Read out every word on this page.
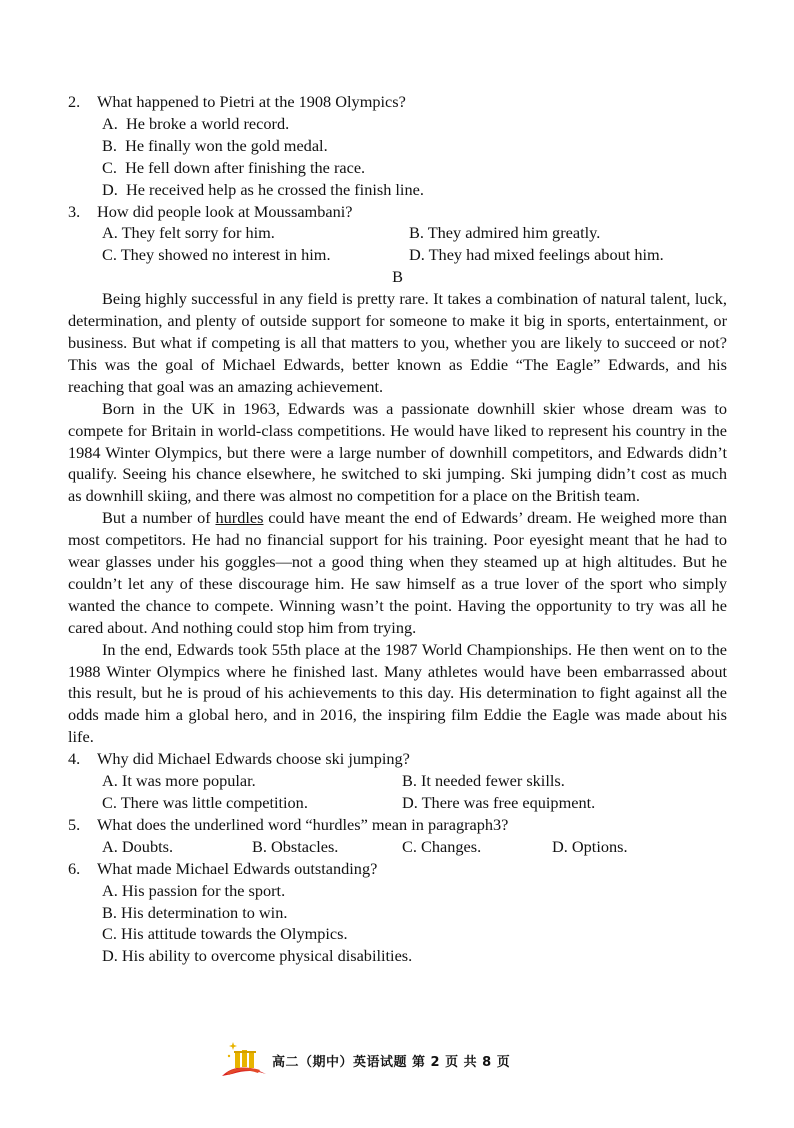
2. What happened to Pietri at the 1908 Olympics?
A. He broke a world record.
B. He finally won the gold medal.
C. He fell down after finishing the race.
D. He received help as he crossed the finish line.
3. How did people look at Moussambani?
A. They felt sorry for him.	B. They admired him greatly.
C. They showed no interest in him.	D. They had mixed feelings about him.
B
Being highly successful in any field is pretty rare. It takes a combination of natural talent, luck, determination, and plenty of outside support for someone to make it big in sports, entertainment, or business. But what if competing is all that matters to you, whether you are likely to succeed or not? This was the goal of Michael Edwards, better known as Eddie “The Eagle” Edwards, and his reaching that goal was an amazing achievement.
Born in the UK in 1963, Edwards was a passionate downhill skier whose dream was to compete for Britain in world-class competitions. He would have liked to represent his country in the 1984 Winter Olympics, but there were a large number of downhill competitors, and Edwards didn’t qualify. Seeing his chance elsewhere, he switched to ski jumping. Ski jumping didn’t cost as much as downhill skiing, and there was almost no competition for a place on the British team.
But a number of hurdles could have meant the end of Edwards’ dream. He weighed more than most competitors. He had no financial support for his training. Poor eyesight meant that he had to wear glasses under his goggles—not a good thing when they steamed up at high altitudes. But he couldn’t let any of these discourage him. He saw himself as a true lover of the sport who simply wanted the chance to compete. Winning wasn’t the point. Having the opportunity to try was all he cared about. And nothing could stop him from trying.
In the end, Edwards took 55th place at the 1987 World Championships. He then went on to the 1988 Winter Olympics where he finished last. Many athletes would have been embarrassed about this result, but he is proud of his achievements to this day. His determination to fight against all the odds made him a global hero, and in 2016, the inspiring film Eddie the Eagle was made about his life.
4. Why did Michael Edwards choose ski jumping?
A. It was more popular.	B. It needed fewer skills.
C. There was little competition.	D. There was free equipment.
5. What does the underlined word “hurdles” mean in paragraph3?
A. Doubts.	B. Obstacles.	C. Changes.	D. Options.
6. What made Michael Edwards outstanding?
A. His passion for the sport.
B. His determination to win.
C. His attitude towards the Olympics.
D. His ability to overcome physical disabilities.
高二（期中）英语试题 第 2 页 共 8 页
